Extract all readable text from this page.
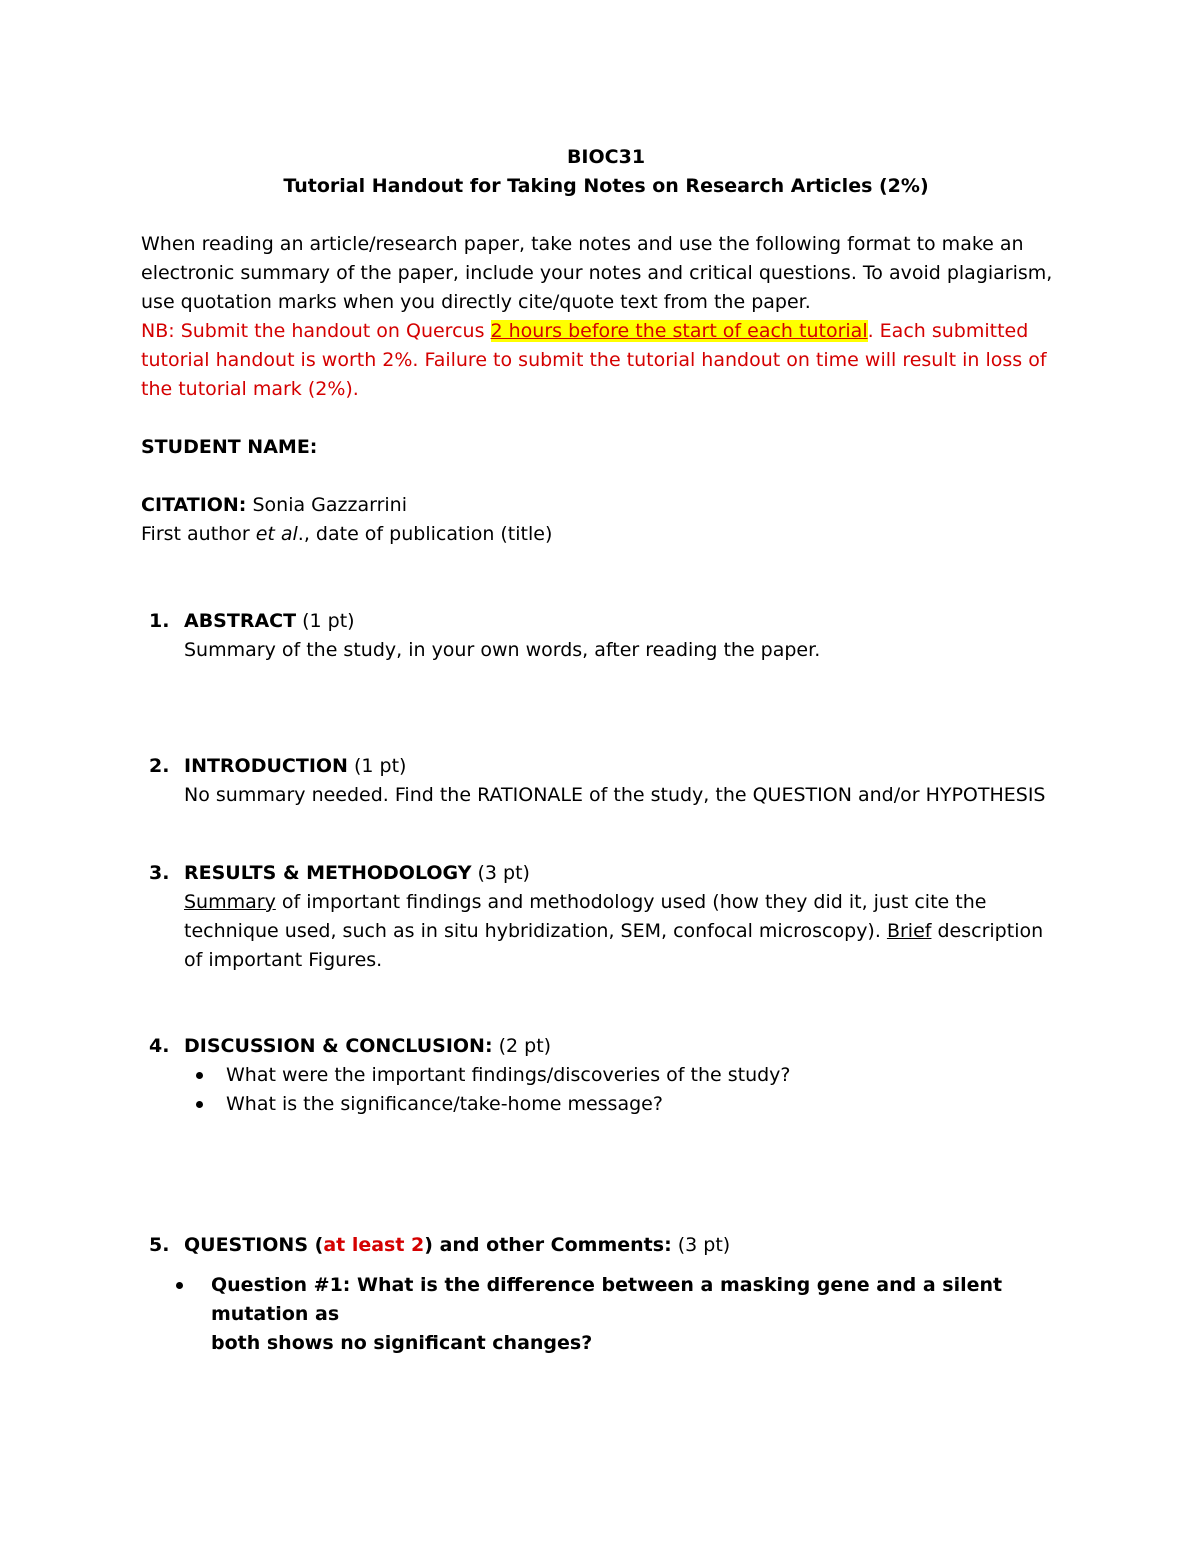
BIOC31

Tutorial Handout for Taking Notes on Research Articles (2%)

When reading an article/research paper, take notes and use the following format to make an

electronic summary of the paper, include your notes and critical questions. To avoid plagiarism,

use quotation marks when you directly cite/quote text from the paper.

NB: Submit the handout on Quercus 2 hours before the start of each tutorial. Each submitted

tutorial handout is worth 2%. Failure to submit the tutorial handout on time will result in loss of

the tutorial mark (2%).

STUDENT NAME:

CITATION: Sonia Gazzarrini

First author et al., date of publication (title)

1. ABSTRACT (1 pt)

Summary of the study, in your own words, after reading the paper.

2. INTRODUCTION (1 pt)

No summary needed. Find the RATIONALE of the study, the QUESTION and/or HYPOTHESIS

3. RESULTS & METHODOLOGY (3 pt)

Summary of important findings and methodology used (how they did it, just cite the

technique used, such as in situ hybridization, SEM, confocal microscopy). Brief description

of important Figures.

4. DISCUSSION & CONCLUSION: (2 pt)

What were the important findings/discoveries of the study?
What is the significance/take-home message?
5. QUESTIONS (at least 2) and other Comments: (3 pt)

Question #1: What is the difference between a masking gene and a silent mutation as

both shows no significant changes?
